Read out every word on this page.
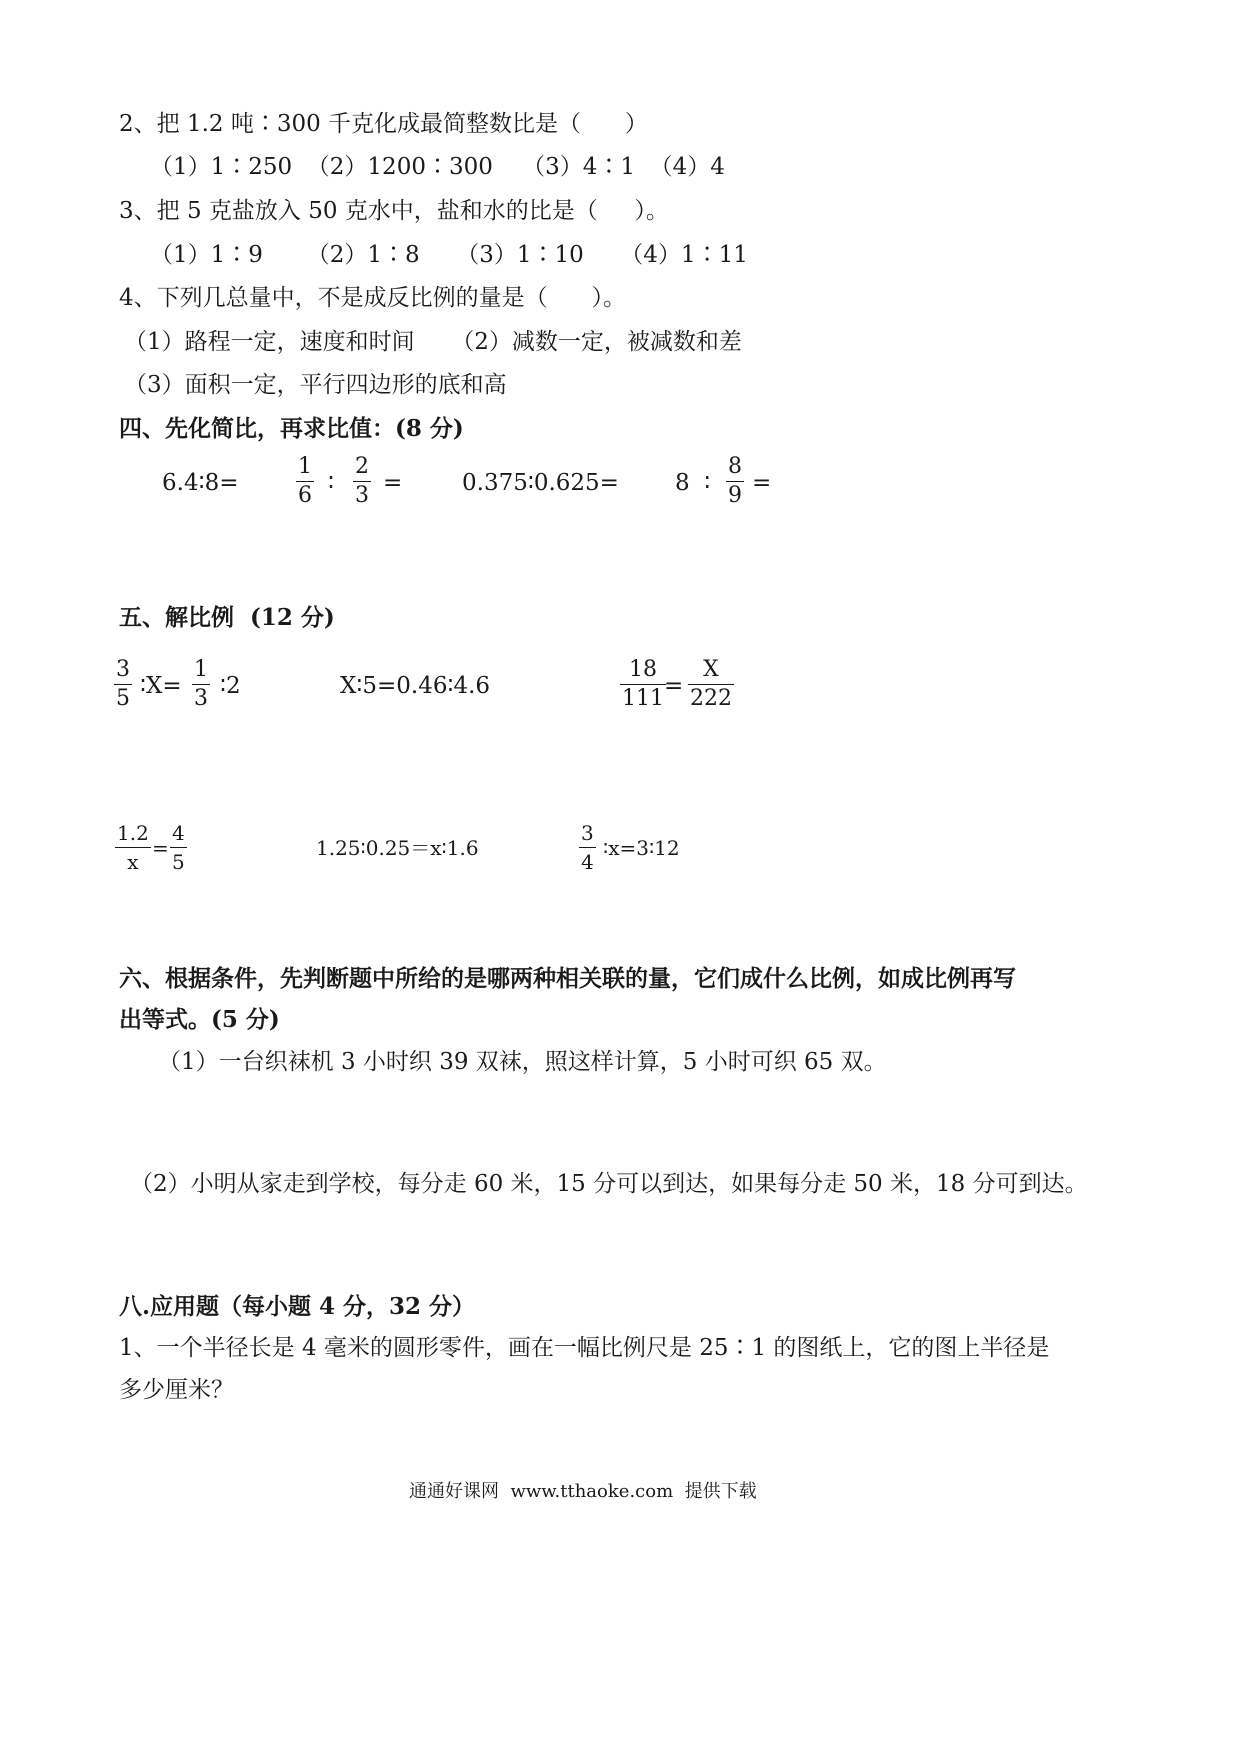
2、把 1.2 吨∶300 千克化成最简整数比是（      ）
（1）1∶250  （2）1200∶300    （3）4∶1  （4）4
3、把 5 克盐放入 50 克水中，盐和水的比是（     ）。
（1）1∶9      （2）1∶8     （3）1∶10     （4）1∶11
4、下列几总量中，不是成反比例的量是（      ）。
（1）路程一定，速度和时间     （2）减数一定，被减数和差
（3）面积一定，平行四边形的底和高
四、先化简比，再求比值：(8 分)
6.4∶8=
1
6 ∶
2
3 =	0.375∶0.625= 8  ∶
8
9 =
五、解比例  (12 分)
3
5 ∶X=
1
3 ∶2	X∶5=0.46∶4.6
18
111 =
X
222
1.2
x
=
4
5
1.25∶0.25＝x∶1.6
3
4
∶x=3∶12
六、根据条件，先判断题中所给的是哪两种相关联的量，它们成什么比例，如成比例再写
出等式。(5 分)
（1）一台织袜机 3 小时织 39 双袜，照这样计算，5 小时可织 65 双。
（2）小明从家走到学校，每分走 60 米，15 分可以到达，如果每分走 50 米，18 分可到达。
八.应用题（每小题 4 分，32 分）
1、一个半径长是 4 毫米的圆形零件，画在一幅比例尺是 25∶1 的图纸上，它的图上半径是
多少厘米？
通通好课网  www.tthaoke.com  提供下载
